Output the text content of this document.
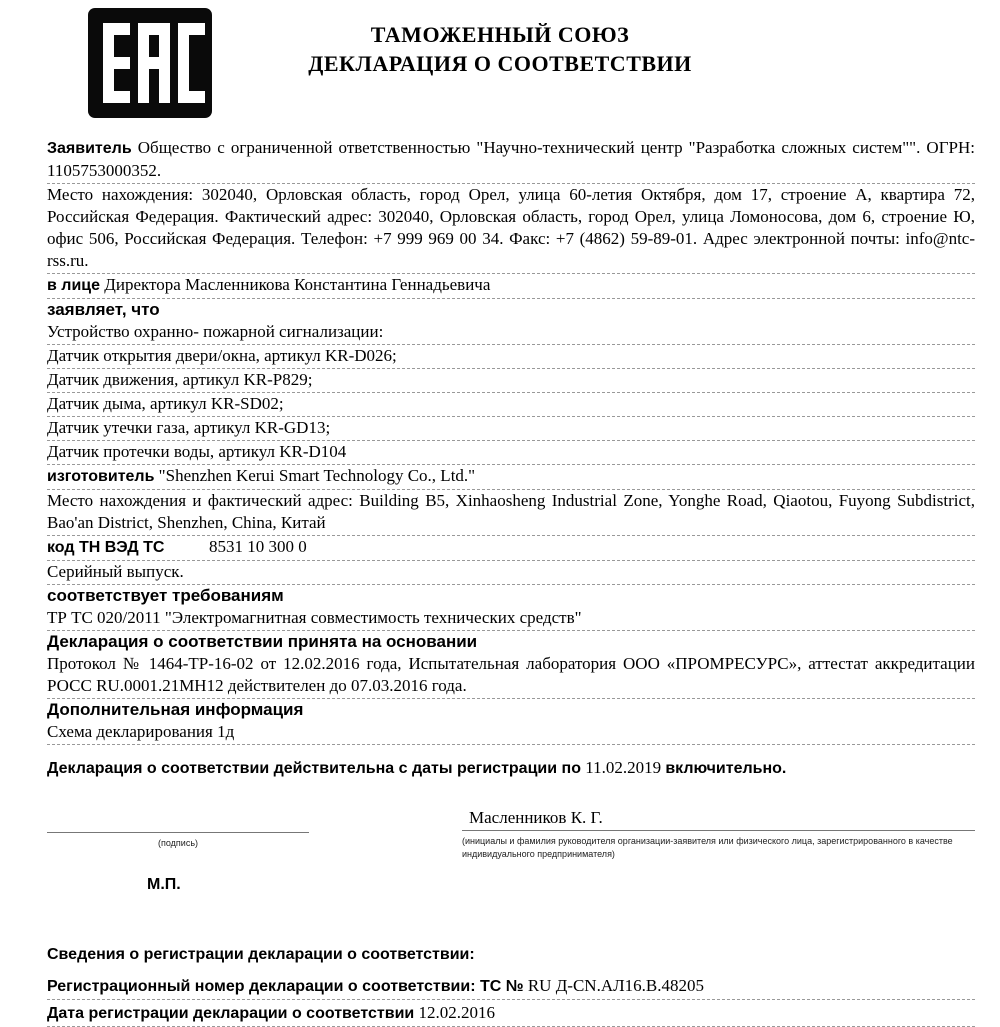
ТАМОЖЕННЫЙ СОЮЗ
ДЕКЛАРАЦИЯ О СООТВЕТСТВИИ
Заявитель Общество с ограниченной ответственностью "Научно-технический центр "Разработка сложных систем"". ОГРН: 1105753000352.
Место нахождения: 302040, Орловская область, город Орел, улица 60-летия Октября, дом 17, строение А, квартира 72, Российская Федерация. Фактический адрес: 302040, Орловская область, город Орел, улица Ломоносова, дом 6, строение Ю, офис 506, Российская Федерация. Телефон: +7 999 969 00 34. Факс: +7 (4862) 59-89-01. Адрес электронной почты: info@ntc-rss.ru.
в лице Директора Масленникова Константина Геннадьевича
заявляет, что
Устройство охранно- пожарной сигнализации:
Датчик открытия двери/окна, артикул KR-D026;
Датчик движения, артикул KR-P829;
Датчик дыма, артикул KR-SD02;
Датчик утечки газа, артикул KR-GD13;
Датчик протечки воды, артикул KR-D104
изготовитель "Shenzhen Kerui Smart Technology Co., Ltd."
Место нахождения и фактический адрес: Building B5, Xinhaosheng Industrial Zone, Yonghe Road, Qiaotou, Fuyong Subdistrict, Bao'an District, Shenzhen, China, Китай
код ТН ВЭД ТС	8531 10 300 0
Серийный выпуск.
соответствует требованиям
ТР ТС 020/2011 "Электромагнитная совместимость технических средств"
Декларация о соответствии принята на основании
Протокол № 1464-ТР-16-02 от 12.02.2016 года, Испытательная лаборатория ООО «ПРОМРЕСУРС», аттестат аккредитации РОСС RU.0001.21МН12 действителен до 07.03.2016 года.
Дополнительная информация
Схема декларирования 1д
Декларация о соответствии действительна с даты регистрации по 11.02.2019 включительно.
(подпись)
М.П.
Масленников К. Г.
(инициалы и фамилия руководителя организации-заявителя или физического лица, зарегистрированного в качестве индивидуального предпринимателя)
Сведения о регистрации декларации о соответствии:
Регистрационный номер декларации о соответствии: ТС № RU Д-CN.АЛ16.В.48205
Дата регистрации декларации о соответствии 12.02.2016
